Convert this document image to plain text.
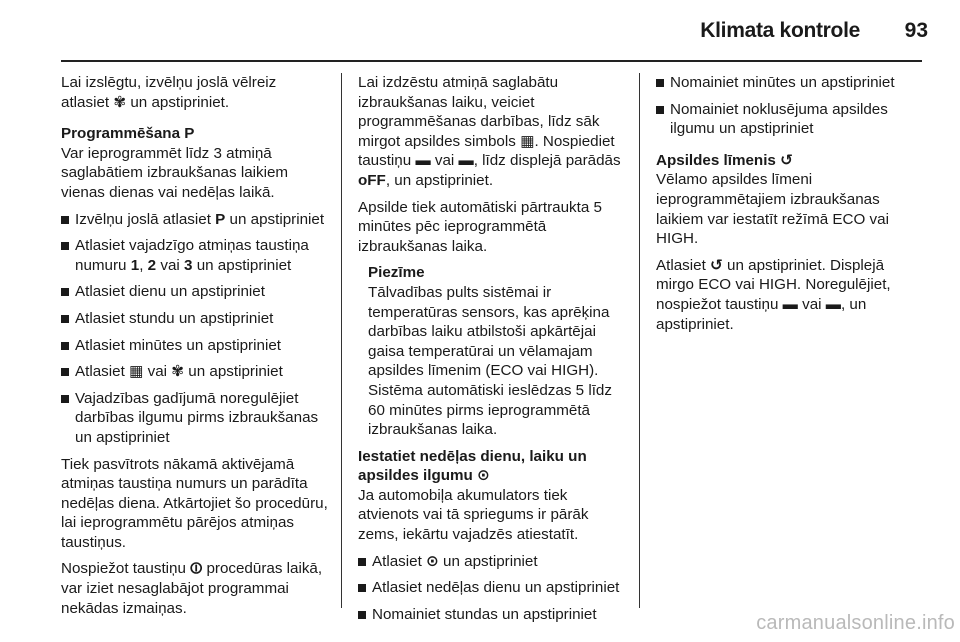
Klimata kontrole	93

Lai izslēgtu, izvēlņu joslā vēlreiz
atlasiet ✾ un apstipriniet.

Programmēšana P
Var ieprogrammēt līdz 3 atmiņā saglabātiem izbraukšanas laikiem vienas dienas vai nedēļas laikā.

Izvēlņu joslā atlasiet P un apstipriniet
Atlasiet vajadzīgo atmiņas taustiņa numuru 1, 2 vai 3 un apstipriniet
Atlasiet dienu un apstipriniet
Atlasiet stundu un apstipriniet
Atlasiet minūtes un apstipriniet
Atlasiet ▦ vai ✾ un apstipriniet
Vajadzības gadījumā noregulējiet darbības ilgumu pirms izbraukšanas un apstipriniet

Tiek pasvītrots nākamā aktivējamā atmiņas taustiņa numurs un parādīta nedēļas diena. Atkārtojiet šo procedūru, lai ieprogrammētu pārējos atmiņas taustiņus.

Nospiežot taustiņu ⏼ procedūras laikā, var iziet nesaglabājot programmai nekādas izmaiņas.

Lai izdzēstu atmiņā saglabātu izbraukšanas laiku, veiciet programmēšanas darbības, līdz sāk mirgot apsildes simbols ▦. Nospiediet taustiņu ▬ vai ▬, līdz displejā parādās oFF, un apstipriniet.

Apsilde tiek automātiski pārtraukta 5 minūtes pēc ieprogrammētā izbraukšanas laika.

Piezīme
Tālvadības pults sistēmai ir temperatūras sensors, kas aprēķina darbības laiku atbilstoši apkārtējai gaisa temperatūrai un vēlamajam apsildes līmenim (ECO vai HIGH). Sistēma automātiski ieslēdzas 5 līdz 60 minūtes pirms ieprogrammētā izbraukšanas laika.

Iestatiet nedēļas dienu, laiku un apsildes ilgumu ⊙

Ja automobiļa akumulators tiek atvienots vai tā spriegums ir pārāk zems, iekārtu vajadzēs atiestatīt.

Atlasiet ⊙ un apstipriniet
Atlasiet nedēļas dienu un apstipriniet
Nomainiet stundas un apstipriniet
Nomainiet minūtes un apstipriniet
Nomainiet noklusējuma apsildes ilgumu un apstipriniet

Apsildes līmenis ↺
Vēlamo apsildes līmeni ieprogrammētajiem izbraukšanas laikiem var iestatīt režīmā ECO vai HIGH.

Atlasiet ↺ un apstipriniet. Displejā mirgo ECO vai HIGH. Noregulējiet, nospiežot taustiņu ▬ vai ▬, un apstipriniet.

carmanualsonline.info
